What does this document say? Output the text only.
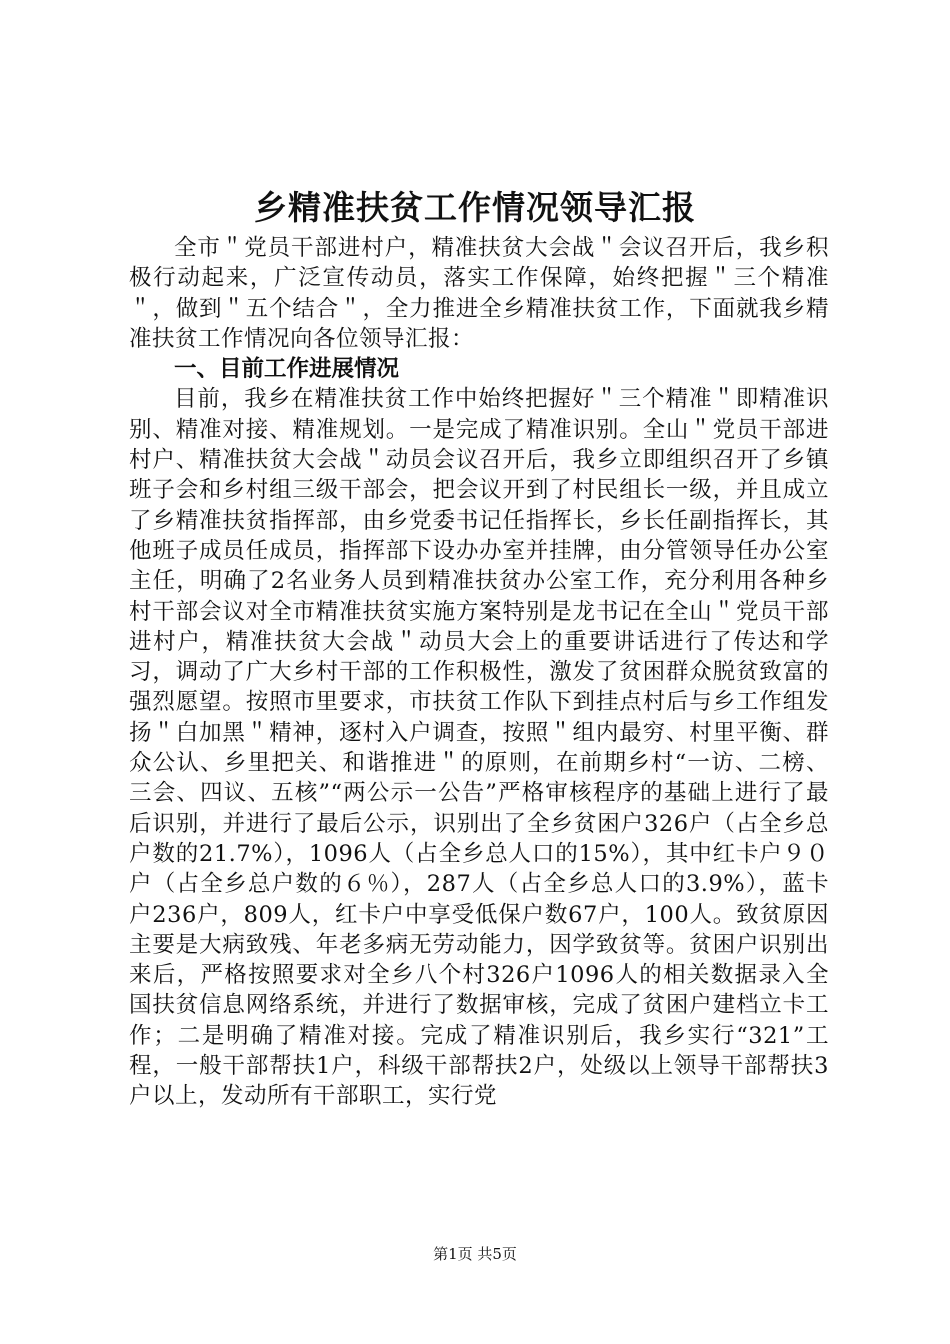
乡精准扶贫工作情况领导汇报

全市＂党员干部进村户，精准扶贫大会战＂会议召开后，我乡积极行动起来，广泛宣传动员，落实工作保障，始终把握＂三个精准＂，做到＂五个结合＂，全力推进全乡精准扶贫工作，下面就我乡精准扶贫工作情况向各位领导汇报：

一、目前工作进展情况

目前，我乡在精准扶贫工作中始终把握好＂三个精准＂即精准识别、精准对接、精准规划。一是完成了精准识别。全山＂党员干部进村户、精准扶贫大会战＂动员会议召开后，我乡立即组织召开了乡镇班子会和乡村组三级干部会，把会议开到了村民组长一级，并且成立了乡精准扶贫指挥部，由乡党委书记任指挥长，乡长任副指挥长，其他班子成员任成员，指挥部下设办办室并挂牌，由分管领导任办公室主任，明确了2名业务人员到精准扶贫办公室工作，充分利用各种乡村干部会议对全市精准扶贫实施方案特别是龙书记在全山＂党员干部进村户，精准扶贫大会战＂动员大会上的重要讲话进行了传达和学习，调动了广大乡村干部的工作积极性，激发了贫困群众脱贫致富的强烈愿望。按照市里要求，市扶贫工作队下到挂点村后与乡工作组发扬＂白加黑＂精神，逐村入户调查，按照＂组内最穷、村里平衡、群众公认、乡里把关、和谐推进＂的原则，在前期乡村“一访、二榜、三会、四议、五核”“两公示一公告”严格审核程序的基础上进行了最后识别，并进行了最后公示，识别出了全乡贫困户326户（占全乡总户数的21.7%），1096人（占全乡总人口的15%），其中红卡户９０户（占全乡总户数的６％），287人（占全乡总人口的3.9%），蓝卡户236户，809人，红卡户中享受低保户数67户，100人。致贫原因主要是大病致残、年老多病无劳动能力，因学致贫等。贫困户识别出来后，严格按照要求对全乡八个村326户1096人的相关数据录入全国扶贫信息网络系统，并进行了数据审核，完成了贫困户建档立卡工作；二是明确了精准对接。完成了精准识别后，我乡实行“321”工程，一般干部帮扶1户，科级干部帮扶2户，处级以上领导干部帮扶3户以上，发动所有干部职工，实行党

第1页 共5页
